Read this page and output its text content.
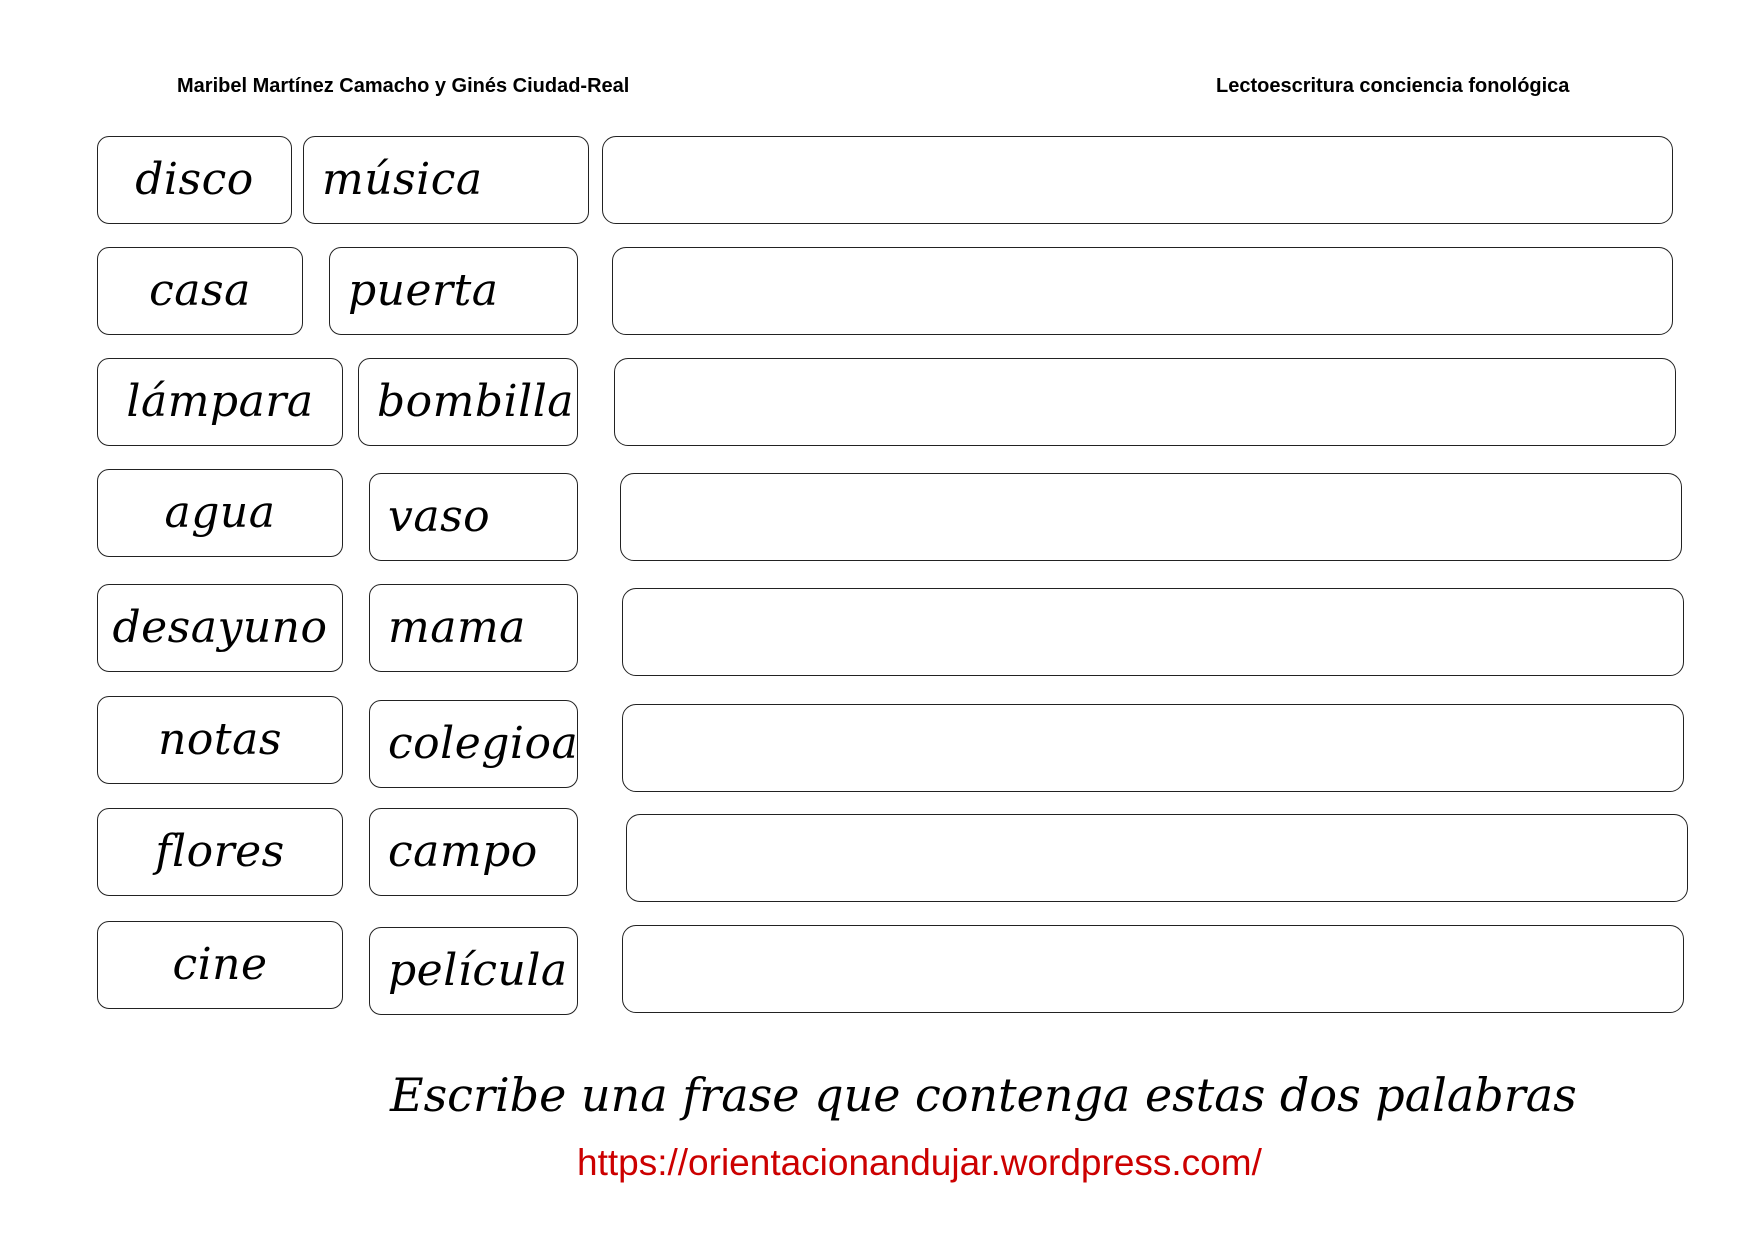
Maribel Martínez Camacho y Ginés Ciudad-Real	Lectoescritura conciencia fonológica
disco	música
casa	puerta
lámpara	bombilla
agua	vaso
desayuno	mama
notas	colegioa
flores	campo
cine	película
Escribe una frase que contenga estas dos palabras
https://orientacionandujar.wordpress.com/
